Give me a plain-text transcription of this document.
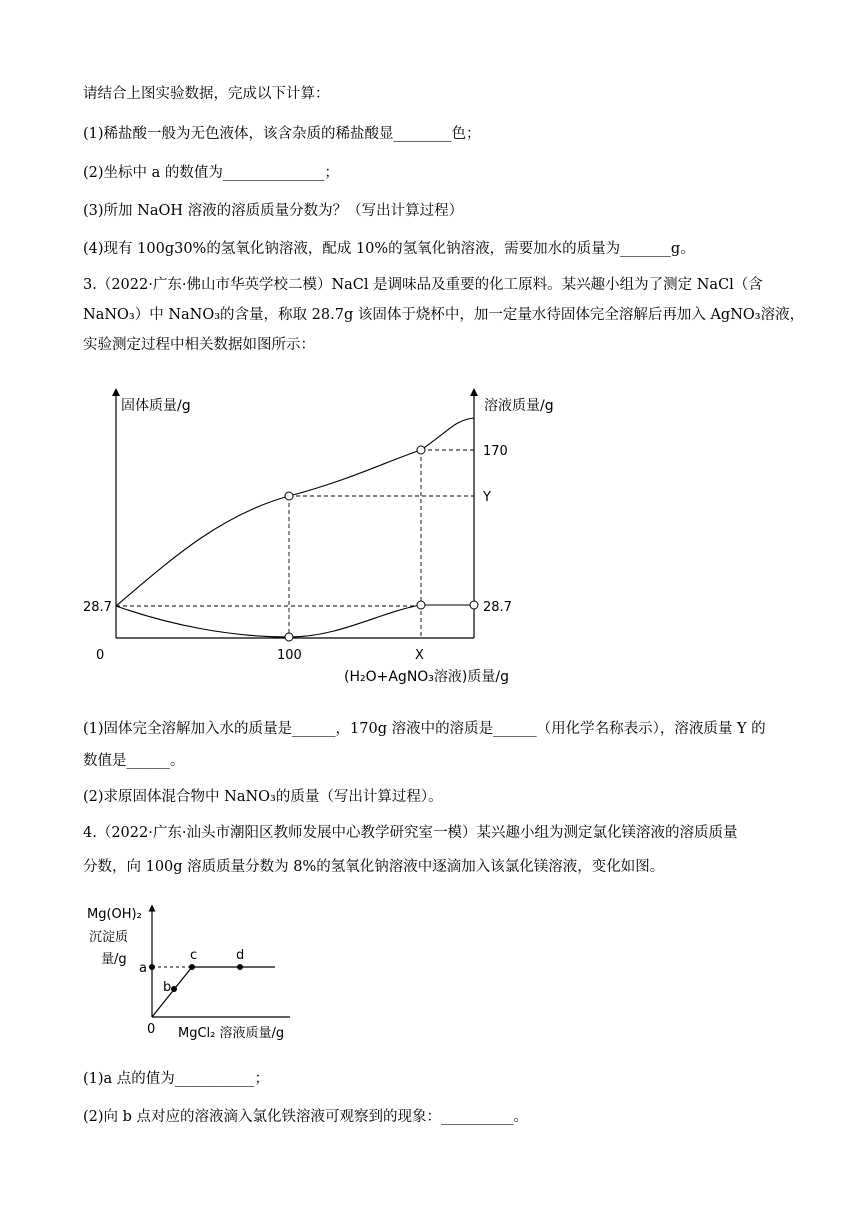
请结合上图实验数据，完成以下计算：
(1)稀盐酸一般为无色液体，该含杂质的稀盐酸显________色；
(2)坐标中 a 的数值为______________；
(3)所加 NaOH 溶液的溶质质量分数为？（写出计算过程）
(4)现有 100g30%的氢氧化钠溶液，配成 10%的氢氧化钠溶液，需要加水的质量为_______g。
3.（2022·广东·佛山市华英学校二模）NaCl 是调味品及重要的化工原料。某兴趣小组为了测定 NaCl（含
NaNO₃）中 NaNO₃的含量，称取 28.7g 该固体于烧杯中，加一定量水待固体完全溶解后再加入 AgNO₃溶液，
实验测定过程中相关数据如图所示：
固体质量/g	溶液质量/g
28.7
170
Y
28.7
0	100	X
(H₂O+AgNO₃溶液)质量/g
(1)固体完全溶解加入水的质量是______，170g 溶液中的溶质是______（用化学名称表示），溶液质量 Y 的
数值是______。
(2)求原固体混合物中 NaNO₃的质量（写出计算过程）。
4.（2022·广东·汕头市潮阳区教师发展中心教学研究室一模）某兴趣小组为测定氯化镁溶液的溶质质量
分数，向 100g 溶质质量分数为 8%的氢氧化钠溶液中逐滴加入该氯化镁溶液，变化如图。
Mg(OH)₂
沉淀质
量/g
a
b
c	d
0 MgCl₂ 溶液质量/g
(1)a 点的值为___________；
(2)向 b 点对应的溶液滴入氯化铁溶液可观察到的现象：__________。
